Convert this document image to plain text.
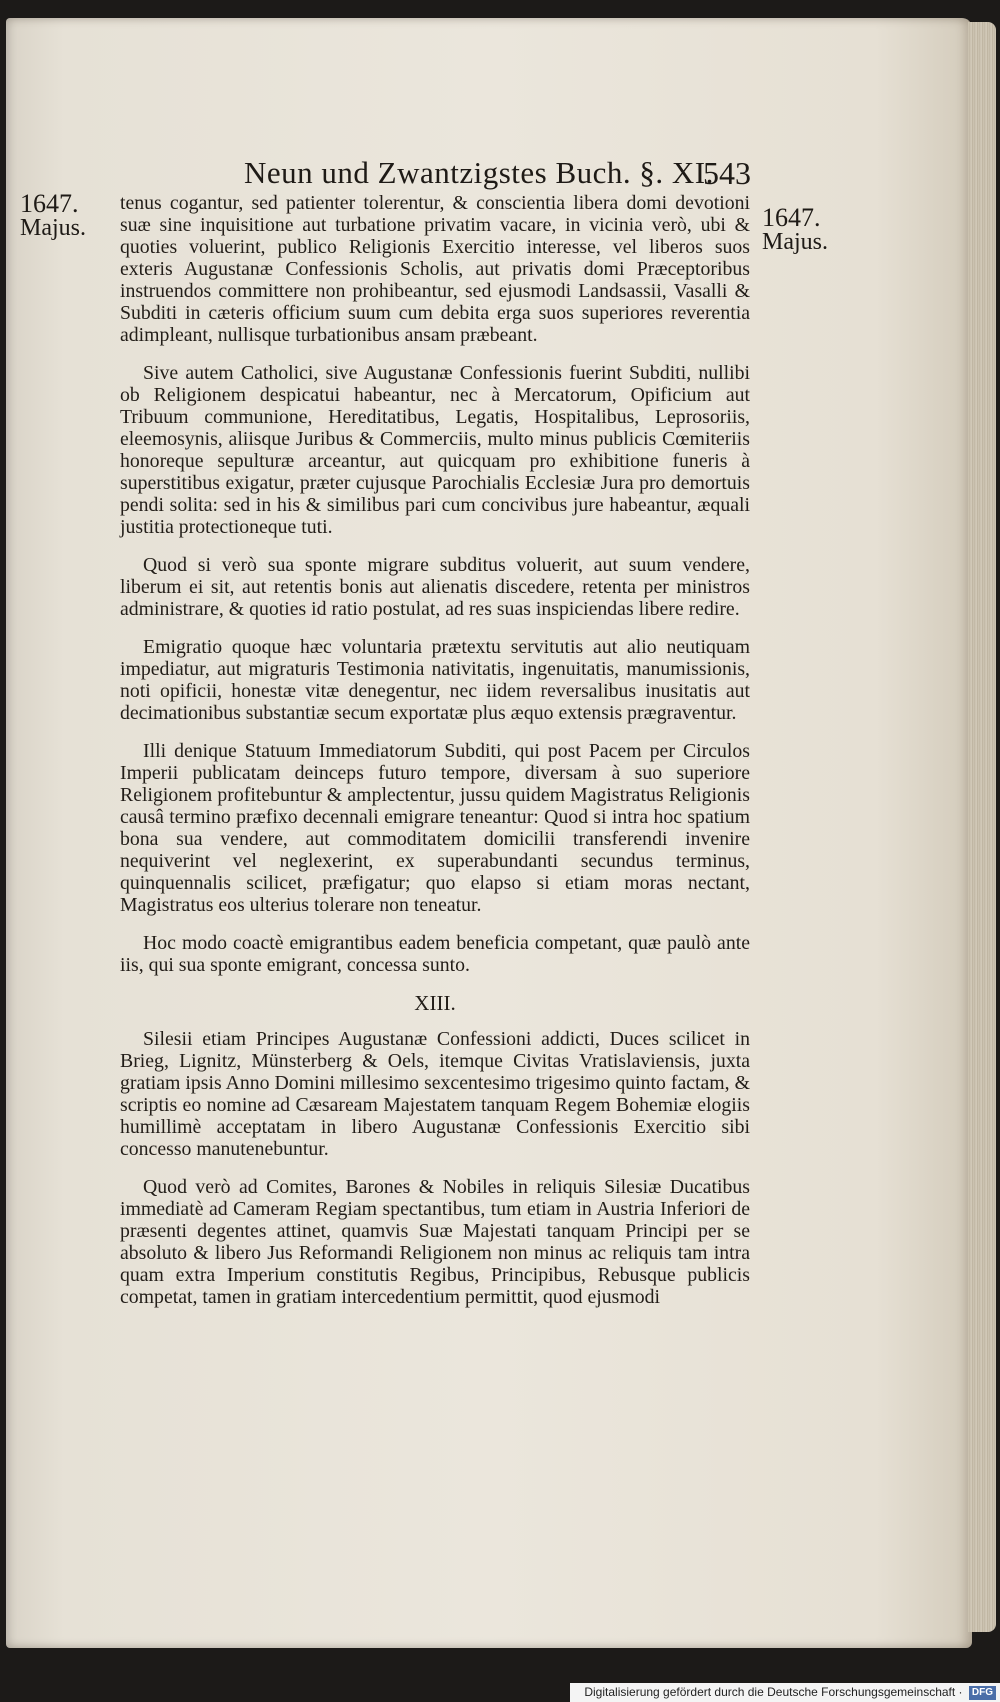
Neun und Zwantzigstes Buch. §. XI.
543
1647.
Majus.	1647.
Majus.

tenus cogantur, sed patienter tolerentur, & conscientia libera domi devotioni suæ sine inquisitione aut turbatione privatim vacare, in vicinia verò, ubi & quoties voluerint, publico Religionis Exercitio interesse, vel liberos suos exteris Augustanæ Confessionis Scholis, aut privatis domi Præceptoribus instruendos committere non prohibeantur, sed ejusmodi Landsassii, Vasalli & Subditi in cæteris officium suum cum debita erga suos superiores reverentia adimpleant, nullisque turbationibus ansam præbeant.

Sive autem Catholici, sive Augustanæ Confessionis fuerint Subditi, nullibi ob Religionem despicatui habeantur, nec à Mercatorum, Opificium aut Tribuum communione, Hereditatibus, Legatis, Hospitalibus, Leprosoriis, eleemosynis, aliisque Juribus & Commerciis, multo minus publicis Cœmiteriis honoreque sepulturæ arceantur, aut quicquam pro exhibitione funeris à superstitibus exigatur, præter cujusque Parochialis Ecclesiæ Jura pro demortuis pendi solita: sed in his & similibus pari cum concivibus jure habeantur, æquali justitia protectioneque tuti.

Quod si verò sua sponte migrare subditus voluerit, aut suum vendere, liberum ei sit, aut retentis bonis aut alienatis discedere, retenta per ministros administrare, & quoties id ratio postulat, ad res suas inspiciendas libere redire.

Emigratio quoque hæc voluntaria prætextu servitutis aut alio neutiquam impediatur, aut migraturis Testimonia nativitatis, ingenuitatis, manumissionis, noti opificii, honestæ vitæ denegentur, nec iidem reversalibus inusitatis aut decimationibus substantiæ secum exportatæ plus æquo extensis prægraventur.

Illi denique Statuum Immediatorum Subditi, qui post Pacem per Circulos Imperii publicatam deinceps futuro tempore, diversam à suo superiore Religionem profitebuntur & amplectentur, jussu quidem Magistratus Religionis causâ termino præfixo decennali emigrare teneantur: Quod si intra hoc spatium bona sua vendere, aut commoditatem domicilii transferendi invenire nequiverint vel neglexerint, ex superabundanti secundus terminus, quinquennalis scilicet, præfigatur; quo elapso si etiam moras nectant, Magistratus eos ulterius tolerare non teneatur.

Hoc modo coactè emigrantibus eadem beneficia competant, quæ paulò ante iis, qui sua sponte emigrant, concessa sunto.

XIII.

Silesii etiam Principes Augustanæ Confessioni addicti, Duces scilicet in Brieg, Lignitz, Münsterberg & Oels, itemque Civitas Vratislaviensis, juxta gratiam ipsis Anno Domini millesimo sexcentesimo trigesimo quinto factam, & scriptis eo nomine ad Cæsaream Majestatem tanquam Regem Bohemiæ elogiis humillimè acceptatam in libero Augustanæ Confessionis Exercitio sibi concesso manutenebuntur.

Quod verò ad Comites, Barones & Nobiles in reliquis Silesiæ Ducatibus immediatè ad Cameram Regiam spectantibus, tum etiam in Austria Inferiori de præsenti degentes attinet, quamvis Suæ Majestati tanquam Principi per se absoluto & libero Jus Reformandi Religionem non minus ac reliquis tam intra quam extra Imperium constitutis Regibus, Principibus, Rebusque publicis competat, tamen in gratiam intercedentium permittit, quod ejusmodi

Digitalisierung gefördert durch die Deutsche Forschungsgemeinschaft · DFG
